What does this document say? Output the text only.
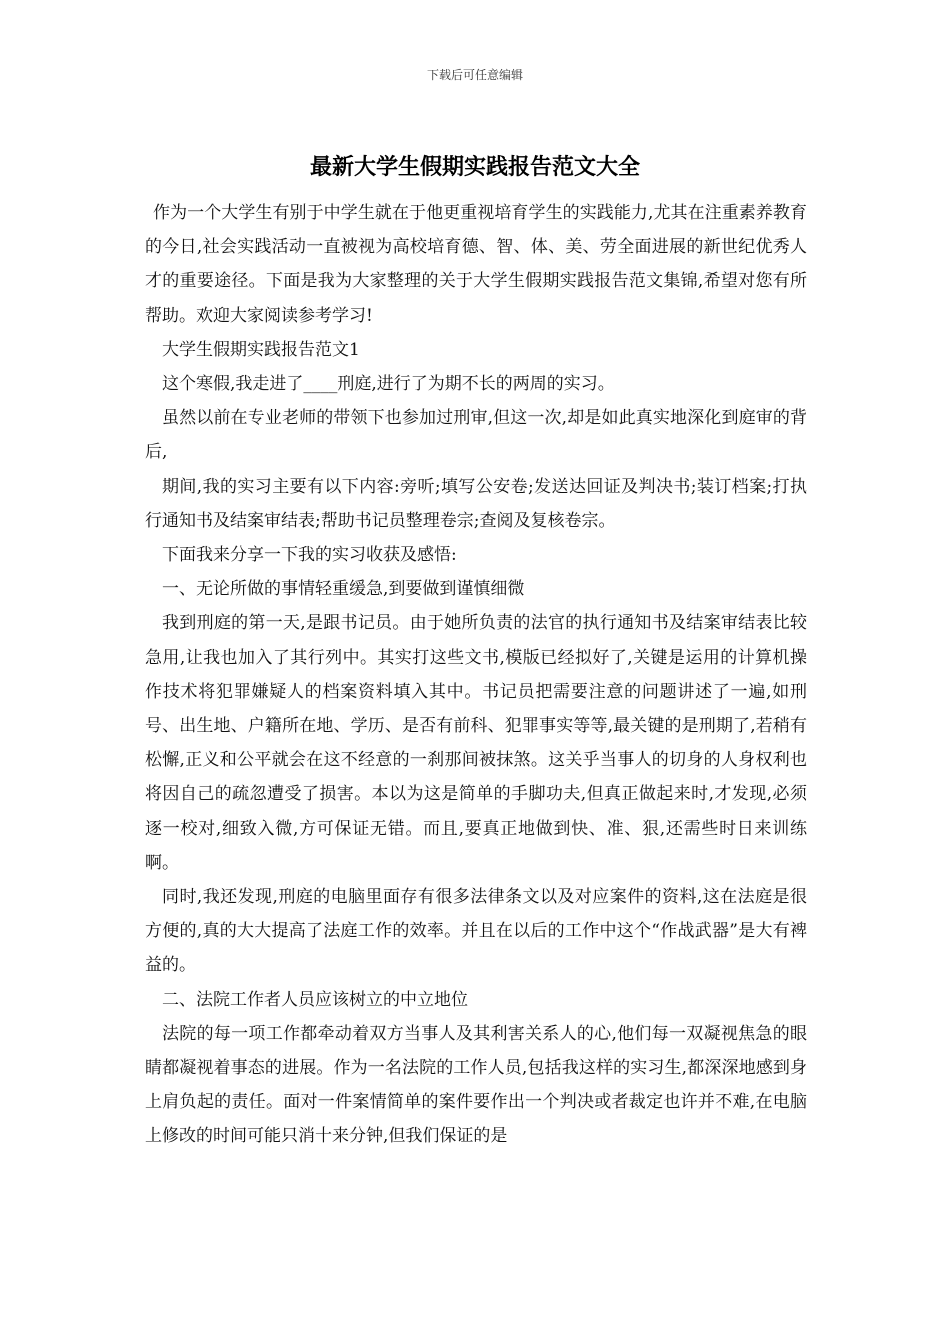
下载后可任意编辑
最新大学生假期实践报告范文大全

作为一个大学生有别于中学生就在于他更重视培育学生的实践能力,尤其在注重素养教育的今日,社会实践活动一直被视为高校培育德、智、体、美、劳全面进展的新世纪优秀人才的重要途径。下面是我为大家整理的关于大学生假期实践报告范文集锦,希望对您有所帮助。欢迎大家阅读参考学习!

大学生假期实践报告范文1

这个寒假,我走进了____刑庭,进行了为期不长的两周的实习。

虽然以前在专业老师的带领下也参加过刑审,但这一次,却是如此真实地深化到庭审的背后,

期间,我的实习主要有以下内容:旁听;填写公安卷;发送达回证及判决书;装订档案;打执行通知书及结案审结表;帮助书记员整理卷宗;查阅及复核卷宗。

下面我来分享一下我的实习收获及感悟:

一、无论所做的事情轻重缓急,到要做到谨慎细微

我到刑庭的第一天,是跟书记员。由于她所负责的法官的执行通知书及结案审结表比较急用,让我也加入了其行列中。其实打这些文书,模版已经拟好了,关键是运用的计算机操作技术将犯罪嫌疑人的档案资料填入其中。书记员把需要注意的问题讲述了一遍,如刑号、出生地、户籍所在地、学历、是否有前科、犯罪事实等等,最关键的是刑期了,若稍有松懈,正义和公平就会在这不经意的一刹那间被抹煞。这关乎当事人的切身的人身权利也将因自己的疏忽遭受了损害。本以为这是简单的手脚功夫,但真正做起来时,才发现,必须逐一校对,细致入微,方可保证无错。而且,要真正地做到快、准、狠,还需些时日来训练啊。

同时,我还发现,刑庭的电脑里面存有很多法律条文以及对应案件的资料,这在法庭是很方便的,真的大大提高了法庭工作的效率。并且在以后的工作中这个“作战武器”是大有裨益的。

二、法院工作者人员应该树立的中立地位

法院的每一项工作都牵动着双方当事人及其利害关系人的心,他们每一双凝视焦急的眼睛都凝视着事态的进展。作为一名法院的工作人员,包括我这样的实习生,都深深地感到身上肩负起的责任。面对一件案情简单的案件要作出一个判决或者裁定也许并不难,在电脑上修改的时间可能只消十来分钟,但我们保证的是
